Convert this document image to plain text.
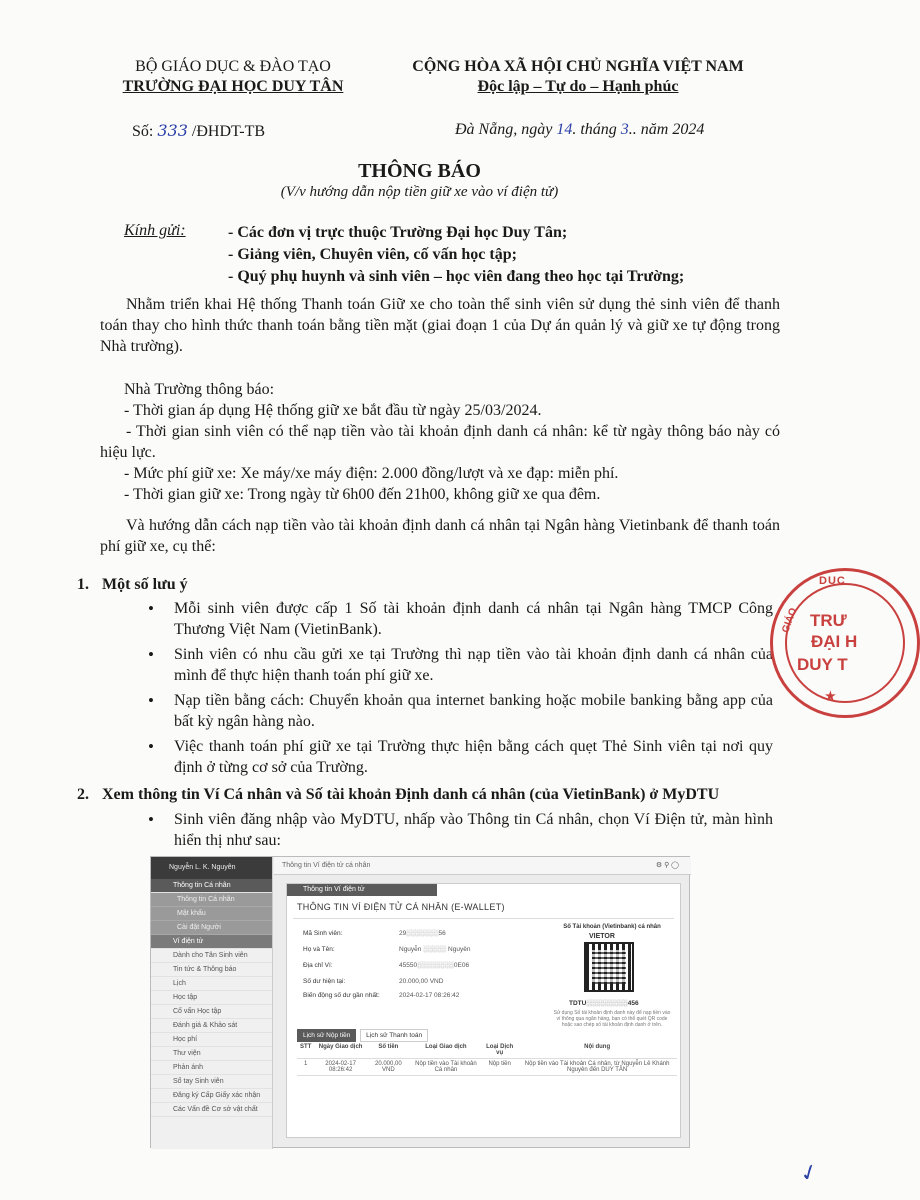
BỘ GIÁO DỤC & ĐÀO TẠO
TRƯỜNG ĐẠI HỌC DUY TÂN
CỘNG HÒA XÃ HỘI CHỦ NGHĨA VIỆT NAM
Độc lập – Tự do – Hạnh phúc
Số: 333 /ĐHDT-TB	Đà Nẵng, ngày 14. tháng 3.. năm 2024
THÔNG BÁO
(V/v hướng dẫn nộp tiền giữ xe vào ví điện tử)
Kính gửi:	- Các đơn vị trực thuộc Trường Đại học Duy Tân;
- Giảng viên, Chuyên viên, cố vấn học tập;
- Quý phụ huynh và sinh viên – học viên đang theo học tại Trường;
Nhằm triển khai Hệ thống Thanh toán Giữ xe cho toàn thể sinh viên sử dụng thẻ sinh viên để thanh toán thay cho hình thức thanh toán bằng tiền mặt (giai đoạn 1 của Dự án quản lý và giữ xe tự động trong Nhà trường).
Nhà Trường thông báo:
- Thời gian áp dụng Hệ thống giữ xe bắt đầu từ ngày 25/03/2024.
- Thời gian sinh viên có thể nạp tiền vào tài khoản định danh cá nhân: kể từ ngày thông báo này có hiệu lực.
- Mức phí giữ xe: Xe máy/xe máy điện: 2.000 đồng/lượt và xe đạp: miễn phí.
- Thời gian giữ xe: Trong ngày từ 6h00 đến 21h00, không giữ xe qua đêm.
Và hướng dẫn cách nạp tiền vào tài khoản định danh cá nhân tại Ngân hàng Vietinbank để thanh toán phí giữ xe, cụ thể:
1. Một số lưu ý
• Mỗi sinh viên được cấp 1 Số tài khoản định danh cá nhân tại Ngân hàng TMCP Công Thương Việt Nam (VietinBank).
• Sinh viên có nhu cầu gửi xe tại Trường thì nạp tiền vào tài khoản định danh cá nhân của mình để thực hiện thanh toán phí giữ xe.
• Nạp tiền bằng cách: Chuyển khoản qua internet banking hoặc mobile banking bằng app của bất kỳ ngân hàng nào.
• Việc thanh toán phí giữ xe tại Trường thực hiện bằng cách quẹt Thẻ Sinh viên tại nơi quy định ở từng cơ sở của Trường.
2. Xem thông tin Ví Cá nhân và Số tài khoản Định danh cá nhân (của VietinBank) ở MyDTU
• Sinh viên đăng nhập vào MyDTU, nhấp vào Thông tin Cá nhân, chọn Ví Điện tử, màn hình hiển thị như sau:
DỤC
GIÁO TRƯ
ĐẠI H
DUY T
★
Nguyễn L. K. Nguyên
Thông tin Cá nhân
Thông tin Cá nhân
Mật khẩu
Cài đặt Người
Ví điện tử
Dành cho Tân Sinh viên
Tin tức & Thông báo
Lịch
Học tập
Cố vấn Học tập
Đánh giá & Khảo sát
Học phí
Thư viện
Phản ánh
Sổ tay Sinh viên
Đăng ký Cấp Giấy xác nhận
Các Vấn đề Cơ sở vật chất
Thông tin Ví điện tử cá nhân	⚙ ⚲ ◯
Thông tin Ví điện tử
THÔNG TIN VÍ ĐIỆN TỬ CÁ NHÂN (E-WALLET)
Mã Sinh viên:	29░░░░░░░56
Họ và Tên:	Nguyễn ░░░░░ Nguyên
Địa chỉ Ví:	45550░░░░░░░░0E06
Số dư hiện tại:	20.000,00 VND
Biến động số dư gần nhất:	2024-02-17 08:26:42
Số Tài khoản (Vietinbank) cá nhân
VIETOR
TDTU░░░░░░░░░456
Sử dụng Số tài khoản định danh này để nạp tiền vào ví thông qua ngân hàng, bạn có thể quét QR code hoặc sao chép số tài khoản định danh ở trên.
Lịch sử Nộp tiền Lịch sử Thanh toán
STT	Ngày Giao dịch	Số tiền	Loại Giao dịch	Loại Dịch vụ	Nội dung
1	2024-02-17 08:26:42	20.000,00 VND	Nộp tiền vào Tài khoản Cá nhân	Nộp tiền	Nộp tiền vào Tài khoản Cá nhân, từ Nguyễn Lê Khánh Nguyên đến DUY TÂN
✓
